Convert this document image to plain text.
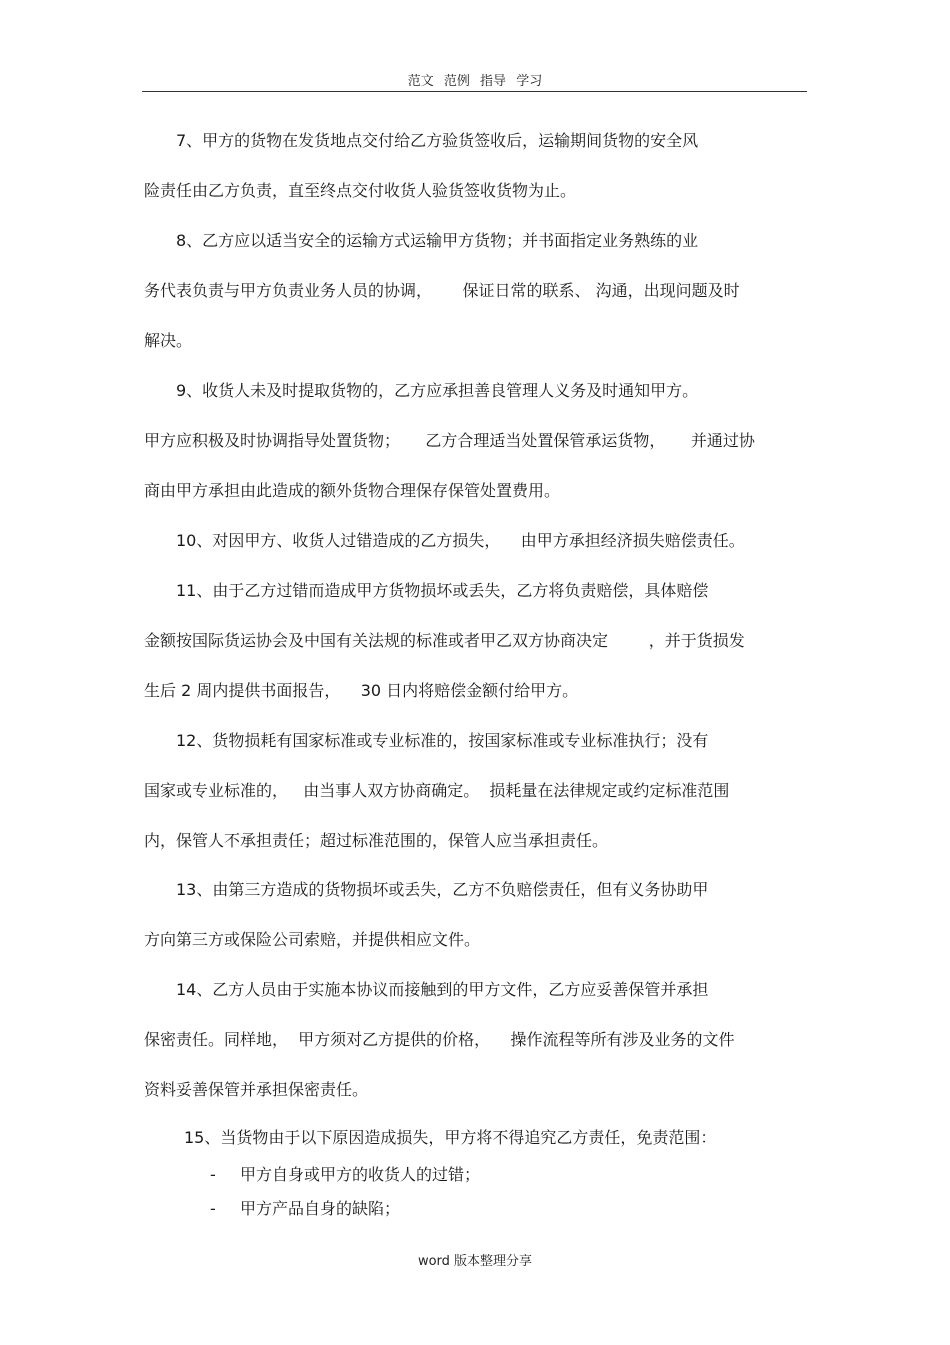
范文 范例 指导 学习
7、甲方的货物在发货地点交付给乙方验货签收后，运输期间货物的安全风
险责任由乙方负责，直至终点交付收货人验货签收货物为止。
8、乙方应以适当安全的运输方式运输甲方货物；并书面指定业务熟练的业
务代表负责与甲方负责业务人员的协调，      保证日常的联系、 沟通，出现问题及时
解决。
9、收货人未及时提取货物的，乙方应承担善良管理人义务及时通知甲方。
甲方应积极及时协调指导处置货物；     乙方合理适当处置保管承运货物，     并通过协
商由甲方承担由此造成的额外货物合理保存保管处置费用。
10、对因甲方、收货人过错造成的乙方损失，    由甲方承担经济损失赔偿责任。
11、由于乙方过错而造成甲方货物损坏或丢失，乙方将负责赔偿，具体赔偿
金额按国际货运协会及中国有关法规的标准或者甲乙双方协商决定        ，并于货损发
生后 2 周内提供书面报告，    30 日内将赔偿金额付给甲方。
12、货物损耗有国家标准或专业标准的，按国家标准或专业标准执行；没有
国家或专业标准的，   由当事人双方协商确定。  损耗量在法律规定或约定标准范围
内，保管人不承担责任；超过标准范围的，保管人应当承担责任。
13、由第三方造成的货物损坏或丢失，乙方不负赔偿责任，但有义务协助甲
方向第三方或保险公司索赔，并提供相应文件。
14、乙方人员由于实施本协议而接触到的甲方文件，乙方应妥善保管并承担
保密责任。同样地，  甲方须对乙方提供的价格，    操作流程等所有涉及业务的文件
资料妥善保管并承担保密责任。
15、当货物由于以下原因造成损失，甲方将不得追究乙方责任，免责范围：
- 甲方自身或甲方的收货人的过错；
- 甲方产品自身的缺陷；
word 版本整理分享
